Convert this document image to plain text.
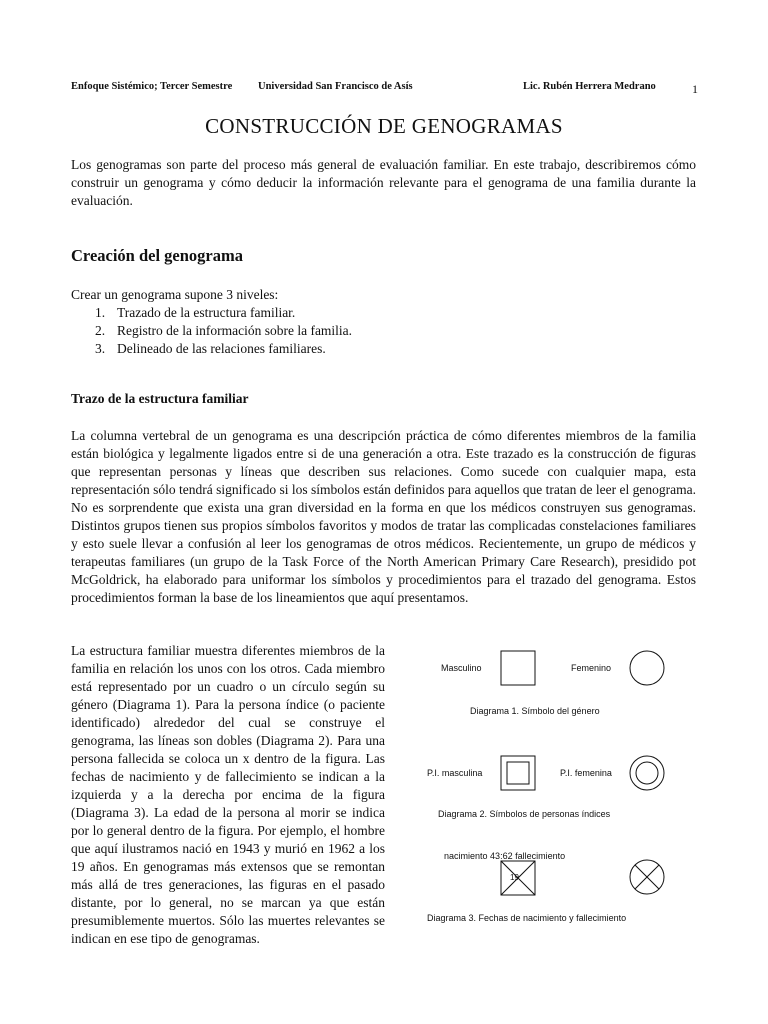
Enfoque Sistémico; Tercer Semestre Universidad San Francisco de Asís	Lic. Rubén Herrera Medrano	1
CONSTRUCCIÓN DE GENOGRAMAS
Los genogramas son parte del proceso más general de evaluación familiar. En este trabajo, describiremos cómo construir un genograma y cómo deducir la información relevante para el genograma de una familia durante la evaluación.
Creación del genograma
Crear un genograma supone 3 niveles:
1. Trazado de la estructura familiar.
2. Registro de la información sobre la familia.
3. Delineado de las relaciones familiares.
Trazo de la estructura familiar
La columna vertebral de un genograma es una descripción práctica de cómo diferentes miembros de la familia están biológica y legalmente ligados entre si de una generación a otra. Este trazado es la construcción de figuras que representan personas y líneas que describen sus relaciones. Como sucede con cualquier mapa, esta representación sólo tendrá significado si los símbolos están definidos para aquellos que tratan de leer el genograma. No es sorprendente que exista una gran diversidad en la forma en que los médicos construyen sus genogramas. Distintos grupos tienen sus propios símbolos favoritos y modos de tratar las complicadas constelaciones familiares y esto suele llevar a confusión al leer los genogramas de otros médicos. Recientemente, un grupo de médicos y terapeutas familiares (un grupo de la Task Force of the North American Primary Care Research), presidido pot McGoldrick, ha elaborado para uniformar los símbolos y procedimientos para el trazado del genograma. Estos procedimientos forman la base de los lineamientos que aquí presentamos.

La estructura familiar muestra diferentes miembros de la familia en relación los unos con los otros. Cada miembro está representado por un cuadro o un círculo según su género (Diagrama 1). Para la persona índice (o paciente identificado) alrededor del cual se construye el genograma, las líneas son dobles (Diagrama 2). Para una persona fallecida se coloca un x dentro de la figura. Las fechas de nacimiento y de fallecimiento se indican a la izquierda y a la derecha por encima de la figura (Diagrama 3). La edad de la persona al morir se indica por lo general dentro de la figura. Por ejemplo, el hombre que aquí ilustramos nació en 1943 y murió en 1962 a los 19 años. En genogramas más extensos que se remontan más allá de tres generaciones, las figuras en el pasado distante, por lo general, no se marcan ya que están presumiblemente muertos. Sólo las muertes relevantes se indican en ese tipo de genogramas.

Masculino	Femenino
Diagrama 1. Símbolo del género
P.I. masculina	P.I. femenina
Diagrama 2. Símbolos de personas índices
nacimiento 43:62 fallecimiento
19
Diagrama 3. Fechas de nacimiento y fallecimiento
